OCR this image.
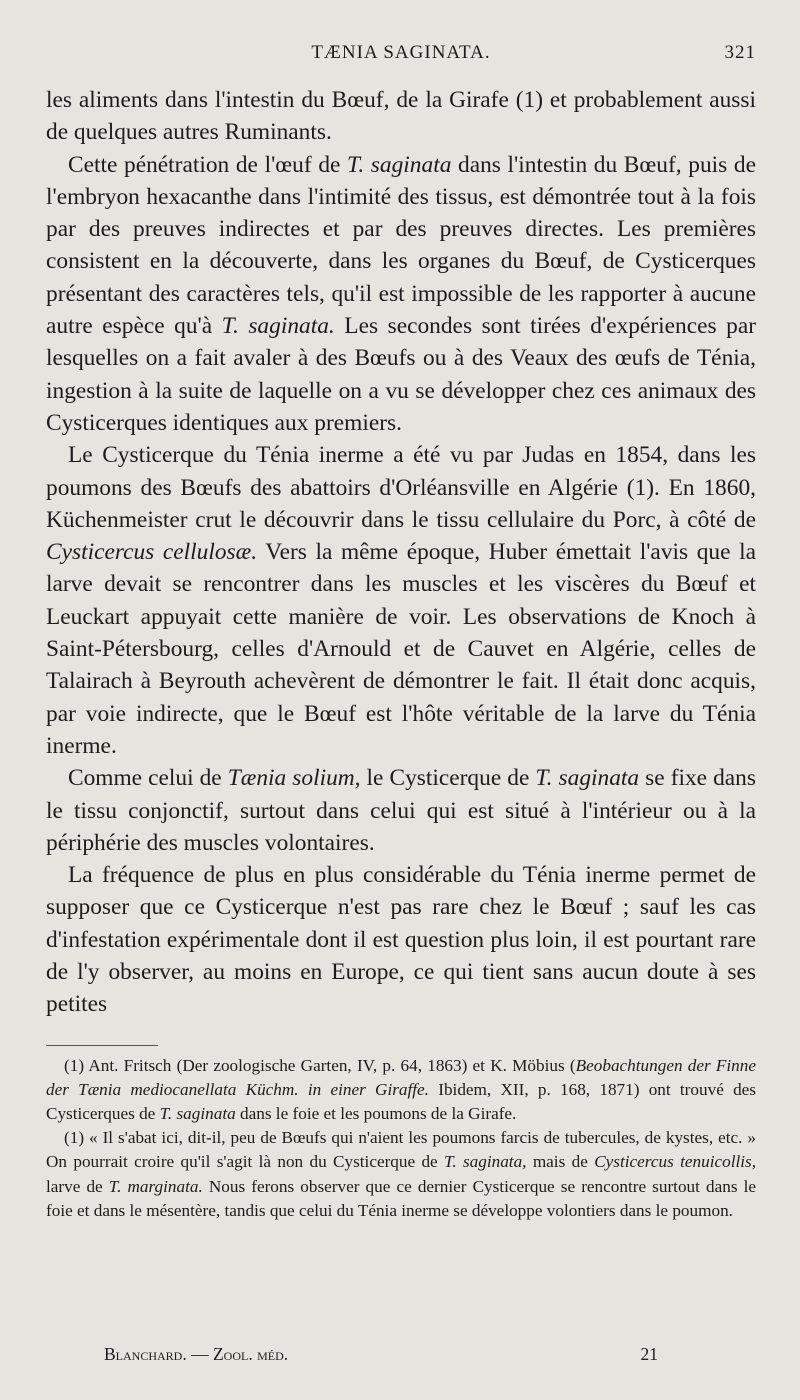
TÆNIA SAGINATA.	321

les aliments dans l'intestin du Bœuf, de la Girafe (1) et probablement aussi de quelques autres Ruminants.

Cette pénétration de l'œuf de T. saginata dans l'intestin du Bœuf, puis de l'embryon hexacanthe dans l'intimité des tissus, est démontrée tout à la fois par des preuves indirectes et par des preuves directes. Les premières consistent en la découverte, dans les organes du Bœuf, de Cysticerques présentant des caractères tels, qu'il est impossible de les rapporter à aucune autre espèce qu'à T. saginata. Les secondes sont tirées d'expériences par lesquelles on a fait avaler à des Bœufs ou à des Veaux des œufs de Ténia, ingestion à la suite de laquelle on a vu se développer chez ces animaux des Cysticerques identiques aux premiers.

Le Cysticerque du Ténia inerme a été vu par Judas en 1854, dans les poumons des Bœufs des abattoirs d'Orléansville en Algérie (1). En 1860, Küchenmeister crut le découvrir dans le tissu cellulaire du Porc, à côté de Cysticercus cellulosæ. Vers la même époque, Huber émettait l'avis que la larve devait se rencontrer dans les muscles et les viscères du Bœuf et Leuckart appuyait cette manière de voir. Les observations de Knoch à Saint-Pétersbourg, celles d'Arnould et de Cauvet en Algérie, celles de Talairach à Beyrouth achevèrent de démontrer le fait. Il était donc acquis, par voie indirecte, que le Bœuf est l'hôte véritable de la larve du Ténia inerme.

Comme celui de Tænia solium, le Cysticerque de T. saginata se fixe dans le tissu conjonctif, surtout dans celui qui est situé à l'intérieur ou à la périphérie des muscles volontaires.

La fréquence de plus en plus considérable du Ténia inerme permet de supposer que ce Cysticerque n'est pas rare chez le Bœuf ; sauf les cas d'infestation expérimentale dont il est question plus loin, il est pourtant rare de l'y observer, au moins en Europe, ce qui tient sans aucun doute à ses petites

(1) Ant. Fritsch (Der zoologische Garten, IV, p. 64, 1863) et K. Möbius (Beobachtungen der Finne der Tænia mediocanellata Küchm. in einer Giraffe. Ibidem, XII, p. 168, 1871) ont trouvé des Cysticerques de T. saginata dans le foie et les poumons de la Girafe.

(1) « Il s'abat ici, dit-il, peu de Bœufs qui n'aient les poumons farcis de tubercules, de kystes, etc. » On pourrait croire qu'il s'agit là non du Cysticerque de T. saginata, mais de Cysticercus tenuicollis, larve de T. marginata. Nous ferons observer que ce dernier Cysticerque se rencontre surtout dans le foie et dans le mésentère, tandis que celui du Ténia inerme se développe volontiers dans le poumon.

Blanchard. — Zool. méd.	21
